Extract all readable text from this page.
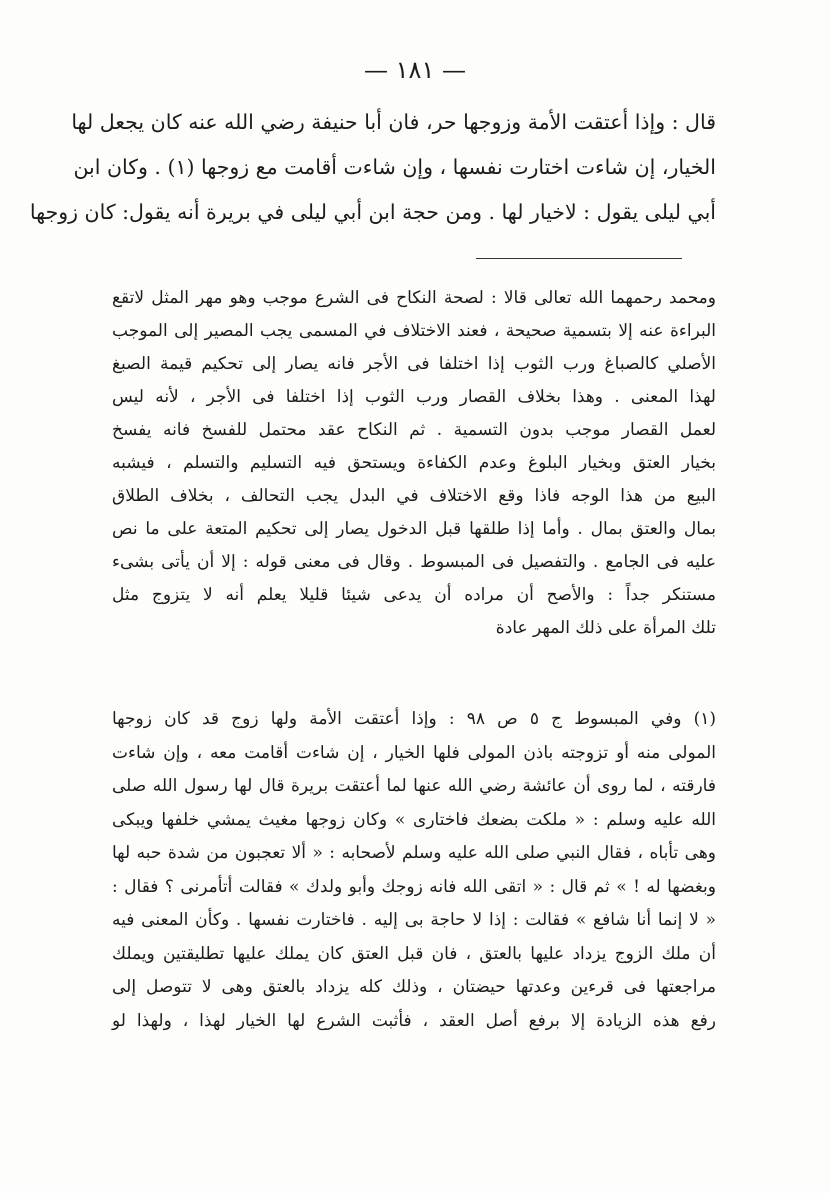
— ١٨١ —
قال : وإذا أعتقت الأمة وزوجها حر، فان أبا حنيفة رضي الله عنه كان يجعل لها
الخيار، إن شاءت اختارت نفسها ، وإن شاءت أقامت مع زوجها (١) . وكان ابن
أبي ليلى يقول : لاخيار لها . ومن حجة ابن أبي ليلى في بريرة أنه يقول: كان زوجها
ومحمد رحمهما الله تعالى قالا : لصحة النكاح فى الشرع موجب وهو مهر المثل لاتقع
البراءة عنه إلا بتسمية صحيحة ، فعند الاختلاف في المسمى يجب المصير إلى الموجب
الأصلي كالصباغ ورب الثوب إذا اختلفا فى الأجر فانه يصار إلى تحكيم قيمة الصبغ
لهذا المعنى . وهذا بخلاف القصار ورب الثوب إذا اختلفا فى الأجر ، لأنه ليس
لعمل القصار موجب بدون التسمية . ثم النكاح عقد محتمل للفسخ فانه يفسخ
بخيار العتق وبخيار البلوغ وعدم الكفاءة ويستحق فيه التسليم والتسلم ، فيشبه
البيع من هذا الوجه فاذا وقع الاختلاف في البدل يجب التحالف ، بخلاف الطلاق
بمال والعتق بمال . وأما إذا طلقها قبل الدخول يصار إلى تحكيم المتعة على ما نص
عليه فى الجامع . والتفصيل فى المبسوط . وقال فى معنى قوله : إلا أن يأتى بشىء
مستنكر جداً : والأصح أن مراده أن يدعى شيئا قليلا يعلم أنه لا يتزوج مثل
تلك المرأة على ذلك المهر عادة
(١) وفي المبسوط ج ٥ ص ٩٨ : وإذا أعتقت الأمة ولها زوج قد كان زوجها
المولى منه أو تزوجته باذن المولى فلها الخيار ، إن شاءت أقامت معه ، وإن شاءت
فارقته ، لما روى أن عائشة رضي الله عنها لما أعتقت بريرة قال لها رسول الله صلى
الله عليه وسلم : « ملكت بضعك فاختارى » وكان زوجها مغيث يمشي خلفها ويبكى
وهى تأباه ، فقال النبي صلى الله عليه وسلم لأصحابه : « ألا تعجبون من شدة حبه لها
وبغضها له ! » ثم قال : « اتقى الله فانه زوجك وأبو ولدك » فقالت أتأمرنى ؟ فقال :
« لا إنما أنا شافع » فقالت : إذا لا حاجة بى إليه . فاختارت نفسها . وكأن المعنى فيه
أن ملك الزوج يزداد عليها بالعتق ، فان قبل العتق كان يملك عليها تطليقتين ويملك
مراجعتها فى قرءين وعدتها حيضتان ، وذلك كله يزداد بالعتق وهى لا تتوصل إلى
رفع هذه الزيادة إلا برفع أصل العقد ، فأثبت الشرع لها الخيار لهذا ، ولهذا لو
